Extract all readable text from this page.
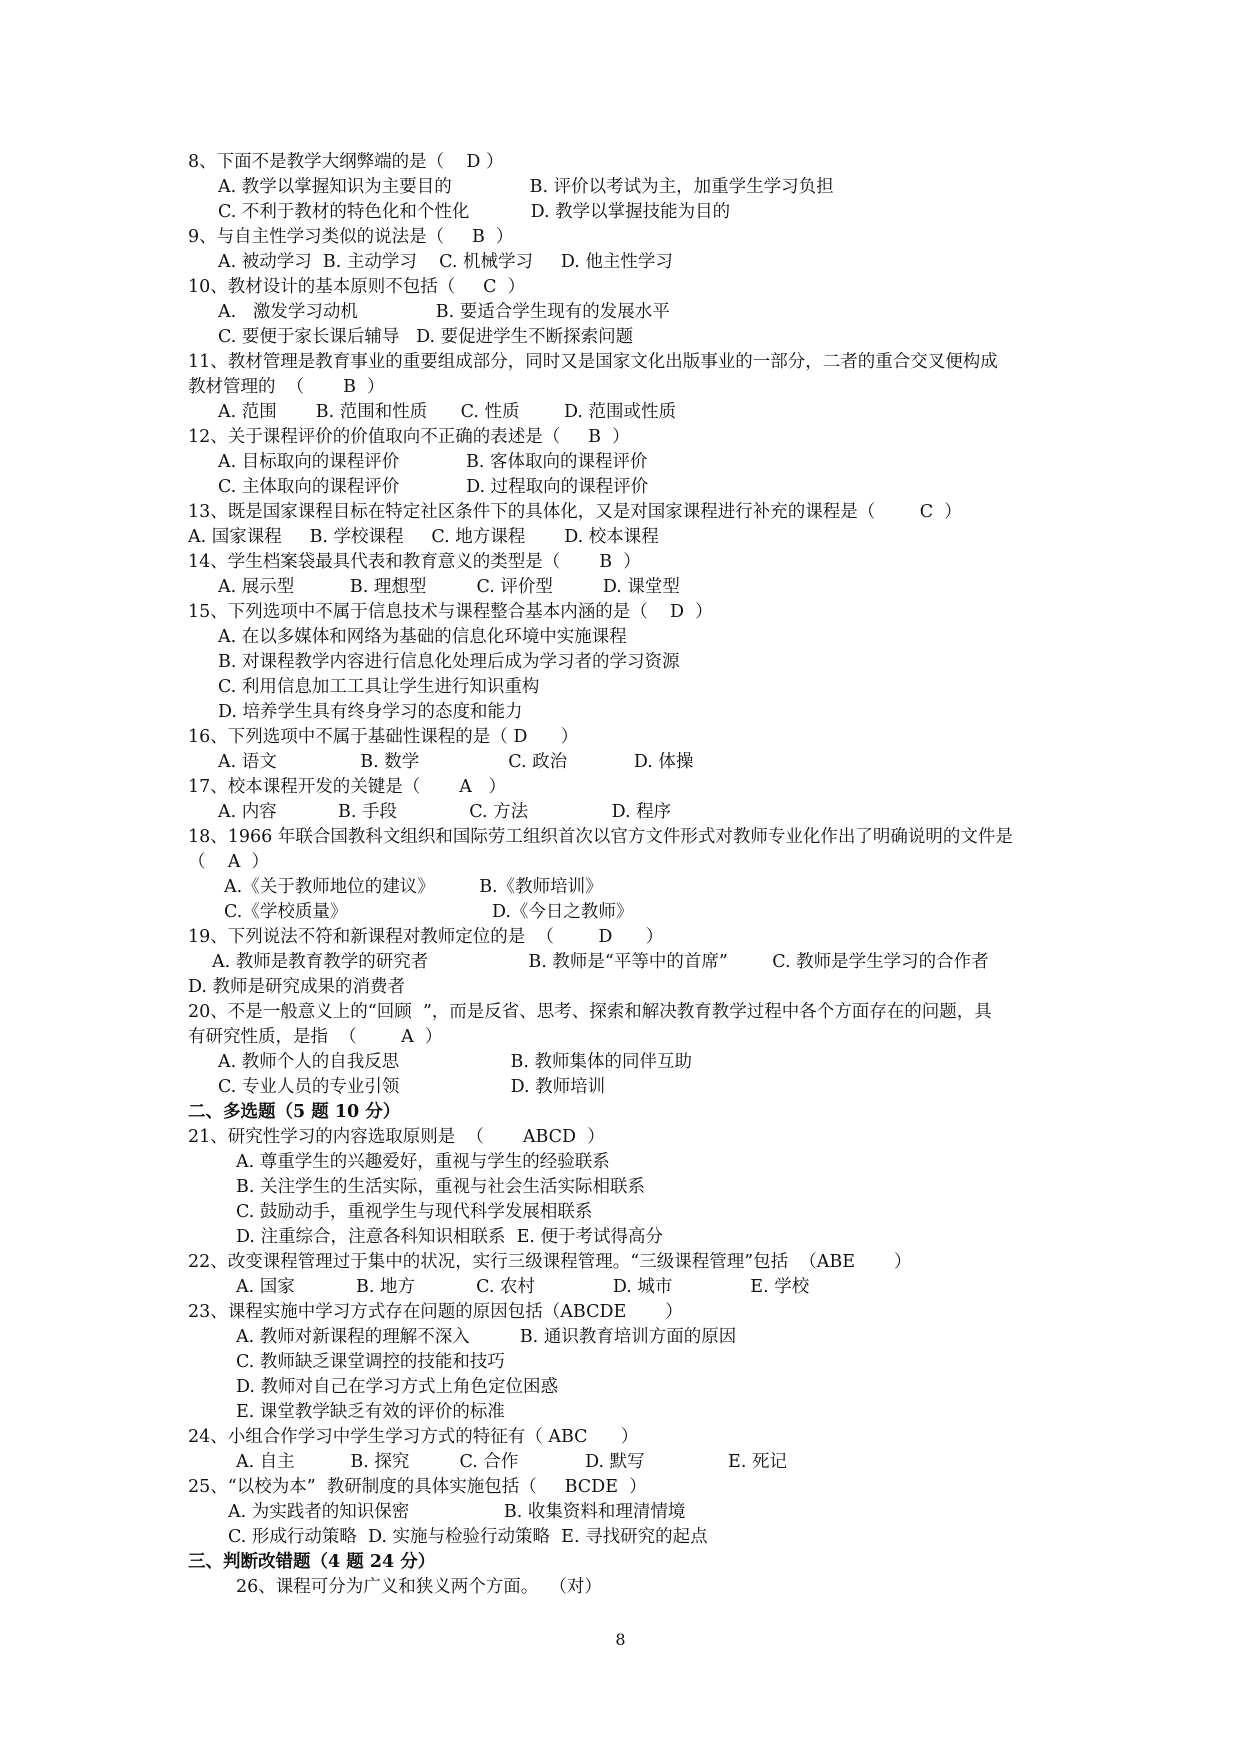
8、下面不是教学大纲弊端的是（    D ）
A. 教学以掌握知识为主要目的              B. 评价以考试为主，加重学生学习负担
C. 不利于教材的特色化和个性化           D. 教学以掌握技能为目的
9、与自主性学习类似的说法是（     B  ）
A. 被动学习  B. 主动学习    C. 机械学习     D. 他主性学习
10、教材设计的基本原则不包括（     C  ）
A.   激发学习动机              B. 要适合学生现有的发展水平
C. 要便于家长课后辅导   D. 要促进学生不断探索问题
11、教材管理是教育事业的重要组成部分，同时又是国家文化出版事业的一部分，二者的重合交叉便构成
教材管理的  （       B  ）
A. 范围       B. 范围和性质      C. 性质        D. 范围或性质
12、关于课程评价的价值取向不正确的表述是（     B  ）
A. 目标取向的课程评价            B. 客体取向的课程评价
C. 主体取向的课程评价            D. 过程取向的课程评价
13、既是国家课程目标在特定社区条件下的具体化，又是对国家课程进行补充的课程是（        C  ）
A. 国家课程     B. 学校课程     C. 地方课程       D. 校本课程
14、学生档案袋最具代表和教育意义的类型是（       B  ）
A. 展示型          B. 理想型         C. 评价型         D. 课堂型
15、下列选项中不属于信息技术与课程整合基本内涵的是（    D  ）
A. 在以多媒体和网络为基础的信息化环境中实施课程
B. 对课程教学内容进行信息化处理后成为学习者的学习资源
C. 利用信息加工工具让学生进行知识重构
D. 培养学生具有终身学习的态度和能力
16、下列选项中不属于基础性课程的是（ D      ）
A. 语文               B. 数学                C. 政治            D. 体操
17、校本课程开发的关键是（       A   ）
A. 内容           B. 手段             C. 方法               D. 程序
18、1966 年联合国教科文组织和国际劳工组织首次以官方文件形式对教师专业化作出了明确说明的文件是
（    A  ）
A.《关于教师地位的建议》        B.《教师培训》
C.《学校质量》                          D.《今日之教师》
19、下列说法不符和新课程对教师定位的是  （        D      ）
A. 教师是教育教学的研究者                  B. 教师是“平等中的首席”        C. 教师是学生学习的合作者
D. 教师是研究成果的消费者
20、不是一般意义上的“回顾  ”，而是反省、思考、探索和解决教育教学过程中各个方面存在的问题，具
有研究性质，是指  （        A  ）
A. 教师个人的自我反思                    B. 教师集体的同伴互助
C. 专业人员的专业引领                    D. 教师培训
二、多选题（5 题 10 分）
21、研究性学习的内容选取原则是  （       ABCD  ）
A. 尊重学生的兴趣爱好，重视与学生的经验联系
B. 关注学生的生活实际，重视与社会生活实际相联系
C. 鼓励动手，重视学生与现代科学发展相联系
D. 注重综合，注意各科知识相联系  E. 便于考试得高分
22、改变课程管理过于集中的状况，实行三级课程管理。“三级课程管理”包括  （ABE       ）
A. 国家           B. 地方           C. 农村              D. 城市              E. 学校
23、课程实施中学习方式存在问题的原因包括（ABCDE       ）
A. 教师对新课程的理解不深入         B. 通识教育培训方面的原因
C. 教师缺乏课堂调控的技能和技巧
D. 教师对自己在学习方式上角色定位困惑
E. 课堂教学缺乏有效的评价的标准
24、小组合作学习中学生学习方式的特征有（ ABC      ）
A. 自主          B. 探究         C. 合作            D. 默写               E. 死记
25、“以校为本”  教研制度的具体实施包括（     BCDE  ）
A. 为实践者的知识保密                 B. 收集资料和理清情境
C. 形成行动策略  D. 实施与检验行动策略  E. 寻找研究的起点
三、判断改错题（4 题 24 分）
26、课程可分为广义和狭义两个方面。  （对）
8
